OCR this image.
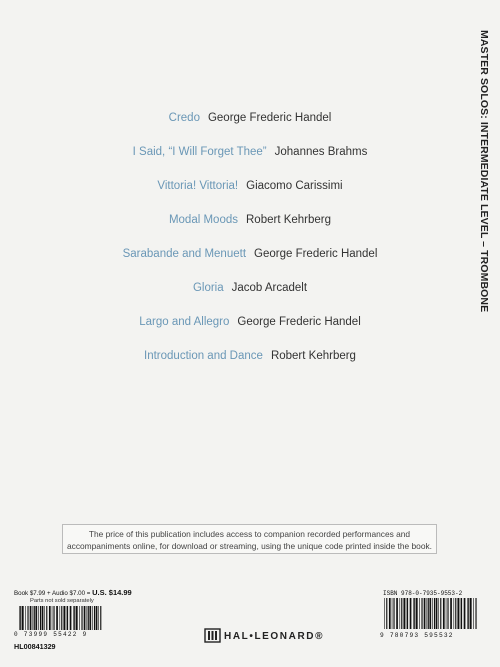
MASTER SOLOS: INTERMEDIATE LEVEL – TROMBONE
Credo George Frederic Handel
I Said, “I Will Forget Thee” Johannes Brahms
Vittoria! Vittoria! Giacomo Carissimi
Modal Moods Robert Kehrberg
Sarabande and Menuett George Frederic Handel
Gloria Jacob Arcadelt
Largo and Allegro George Frederic Handel
Introduction and Dance Robert Kehrberg
The price of this publication includes access to companion recorded performances and
accompaniments online, for download or streaming, using the unique code printed inside the book.
Book $7.99 + Audio $7.00 = U.S. $14.99
Parts not sold separately
0 73999 55422 9
HL00841329
HAL•LEONARD®
ISBN 978-0-7935-9553-2
9 780793 595532
